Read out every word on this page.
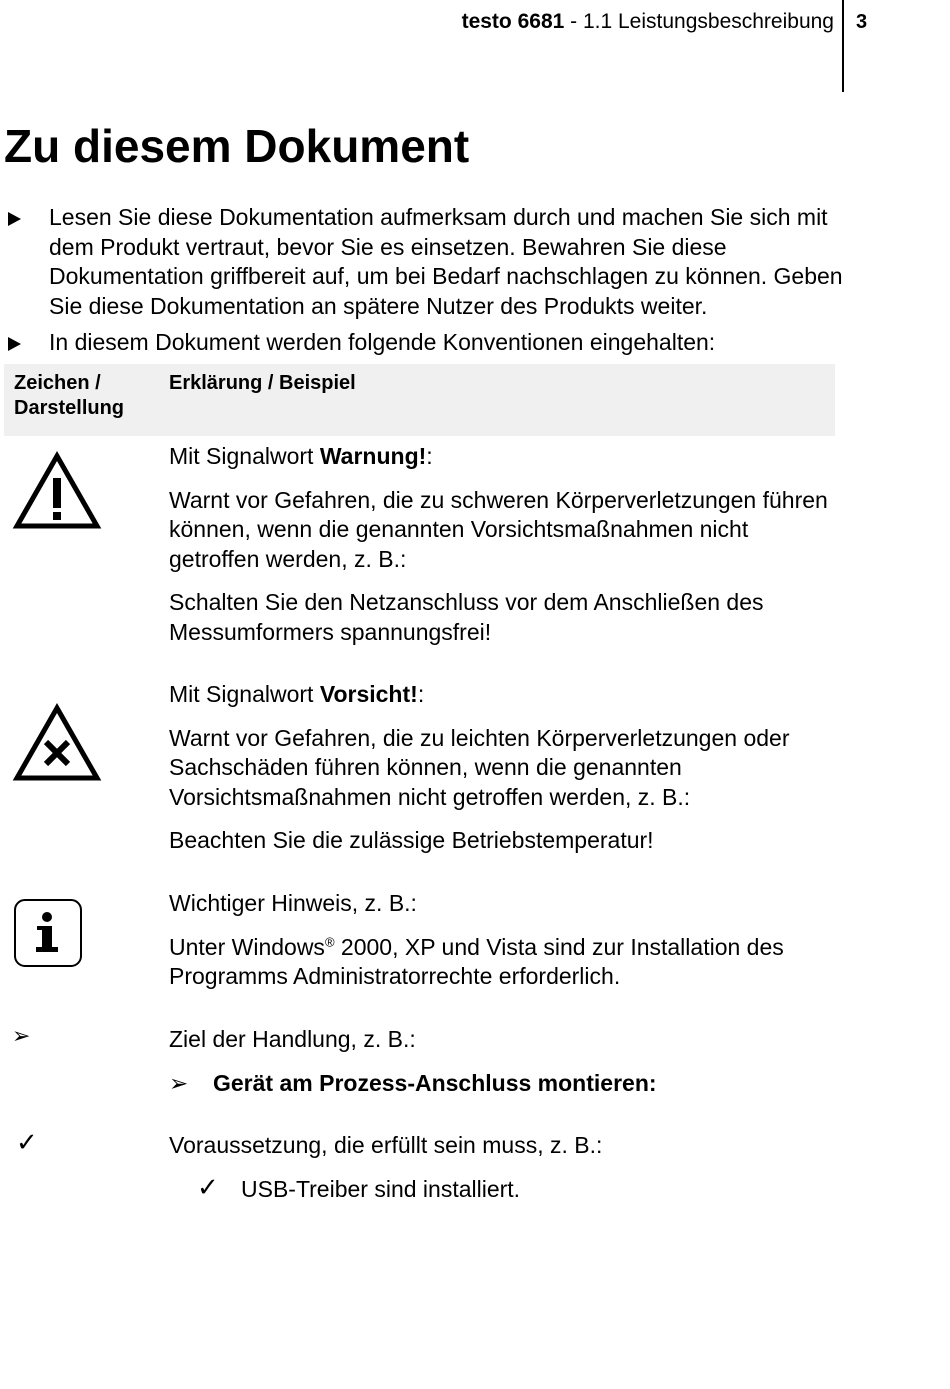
testo 6681 - 1.1 Leistungsbeschreibung 3
Zu diesem Dokument
Lesen Sie diese Dokumentation aufmerksam durch und machen Sie sich mit dem Produkt vertraut, bevor Sie es einsetzen. Bewahren Sie diese Dokumentation griffbereit auf, um bei Bedarf nachschlagen zu können. Geben Sie diese Dokumentation an spätere Nutzer des Produkts weiter.
In diesem Dokument werden folgende Konventionen eingehalten:
Zeichen / Darstellung
Erklärung / Beispiel

Mit Signalwort Warnung!:

Warnt vor Gefahren, die zu schweren Körperverletzungen führen können, wenn die genannten Vorsichtsmaßnahmen nicht getroffen werden, z. B.:

Schalten Sie den Netzanschluss vor dem Anschließen des Messumformers spannungsfrei!

Mit Signalwort Vorsicht!:

Warnt vor Gefahren, die zu leichten Körperverletzungen oder Sachschäden führen können, wenn die genannten Vorsichtsmaßnahmen nicht getroffen werden, z. B.:

Beachten Sie die zulässige Betriebstemperatur!

Wichtiger Hinweis, z. B.:

Unter Windows® 2000, XP und Vista sind zur Installation des Programms Administratorrechte erforderlich.

➢	Ziel der Handlung, z. B.:

➢ Gerät am Prozess-Anschluss montieren:
✓	Voraussetzung, die erfüllt sein muss, z. B.:

✓ USB-Treiber sind installiert.
